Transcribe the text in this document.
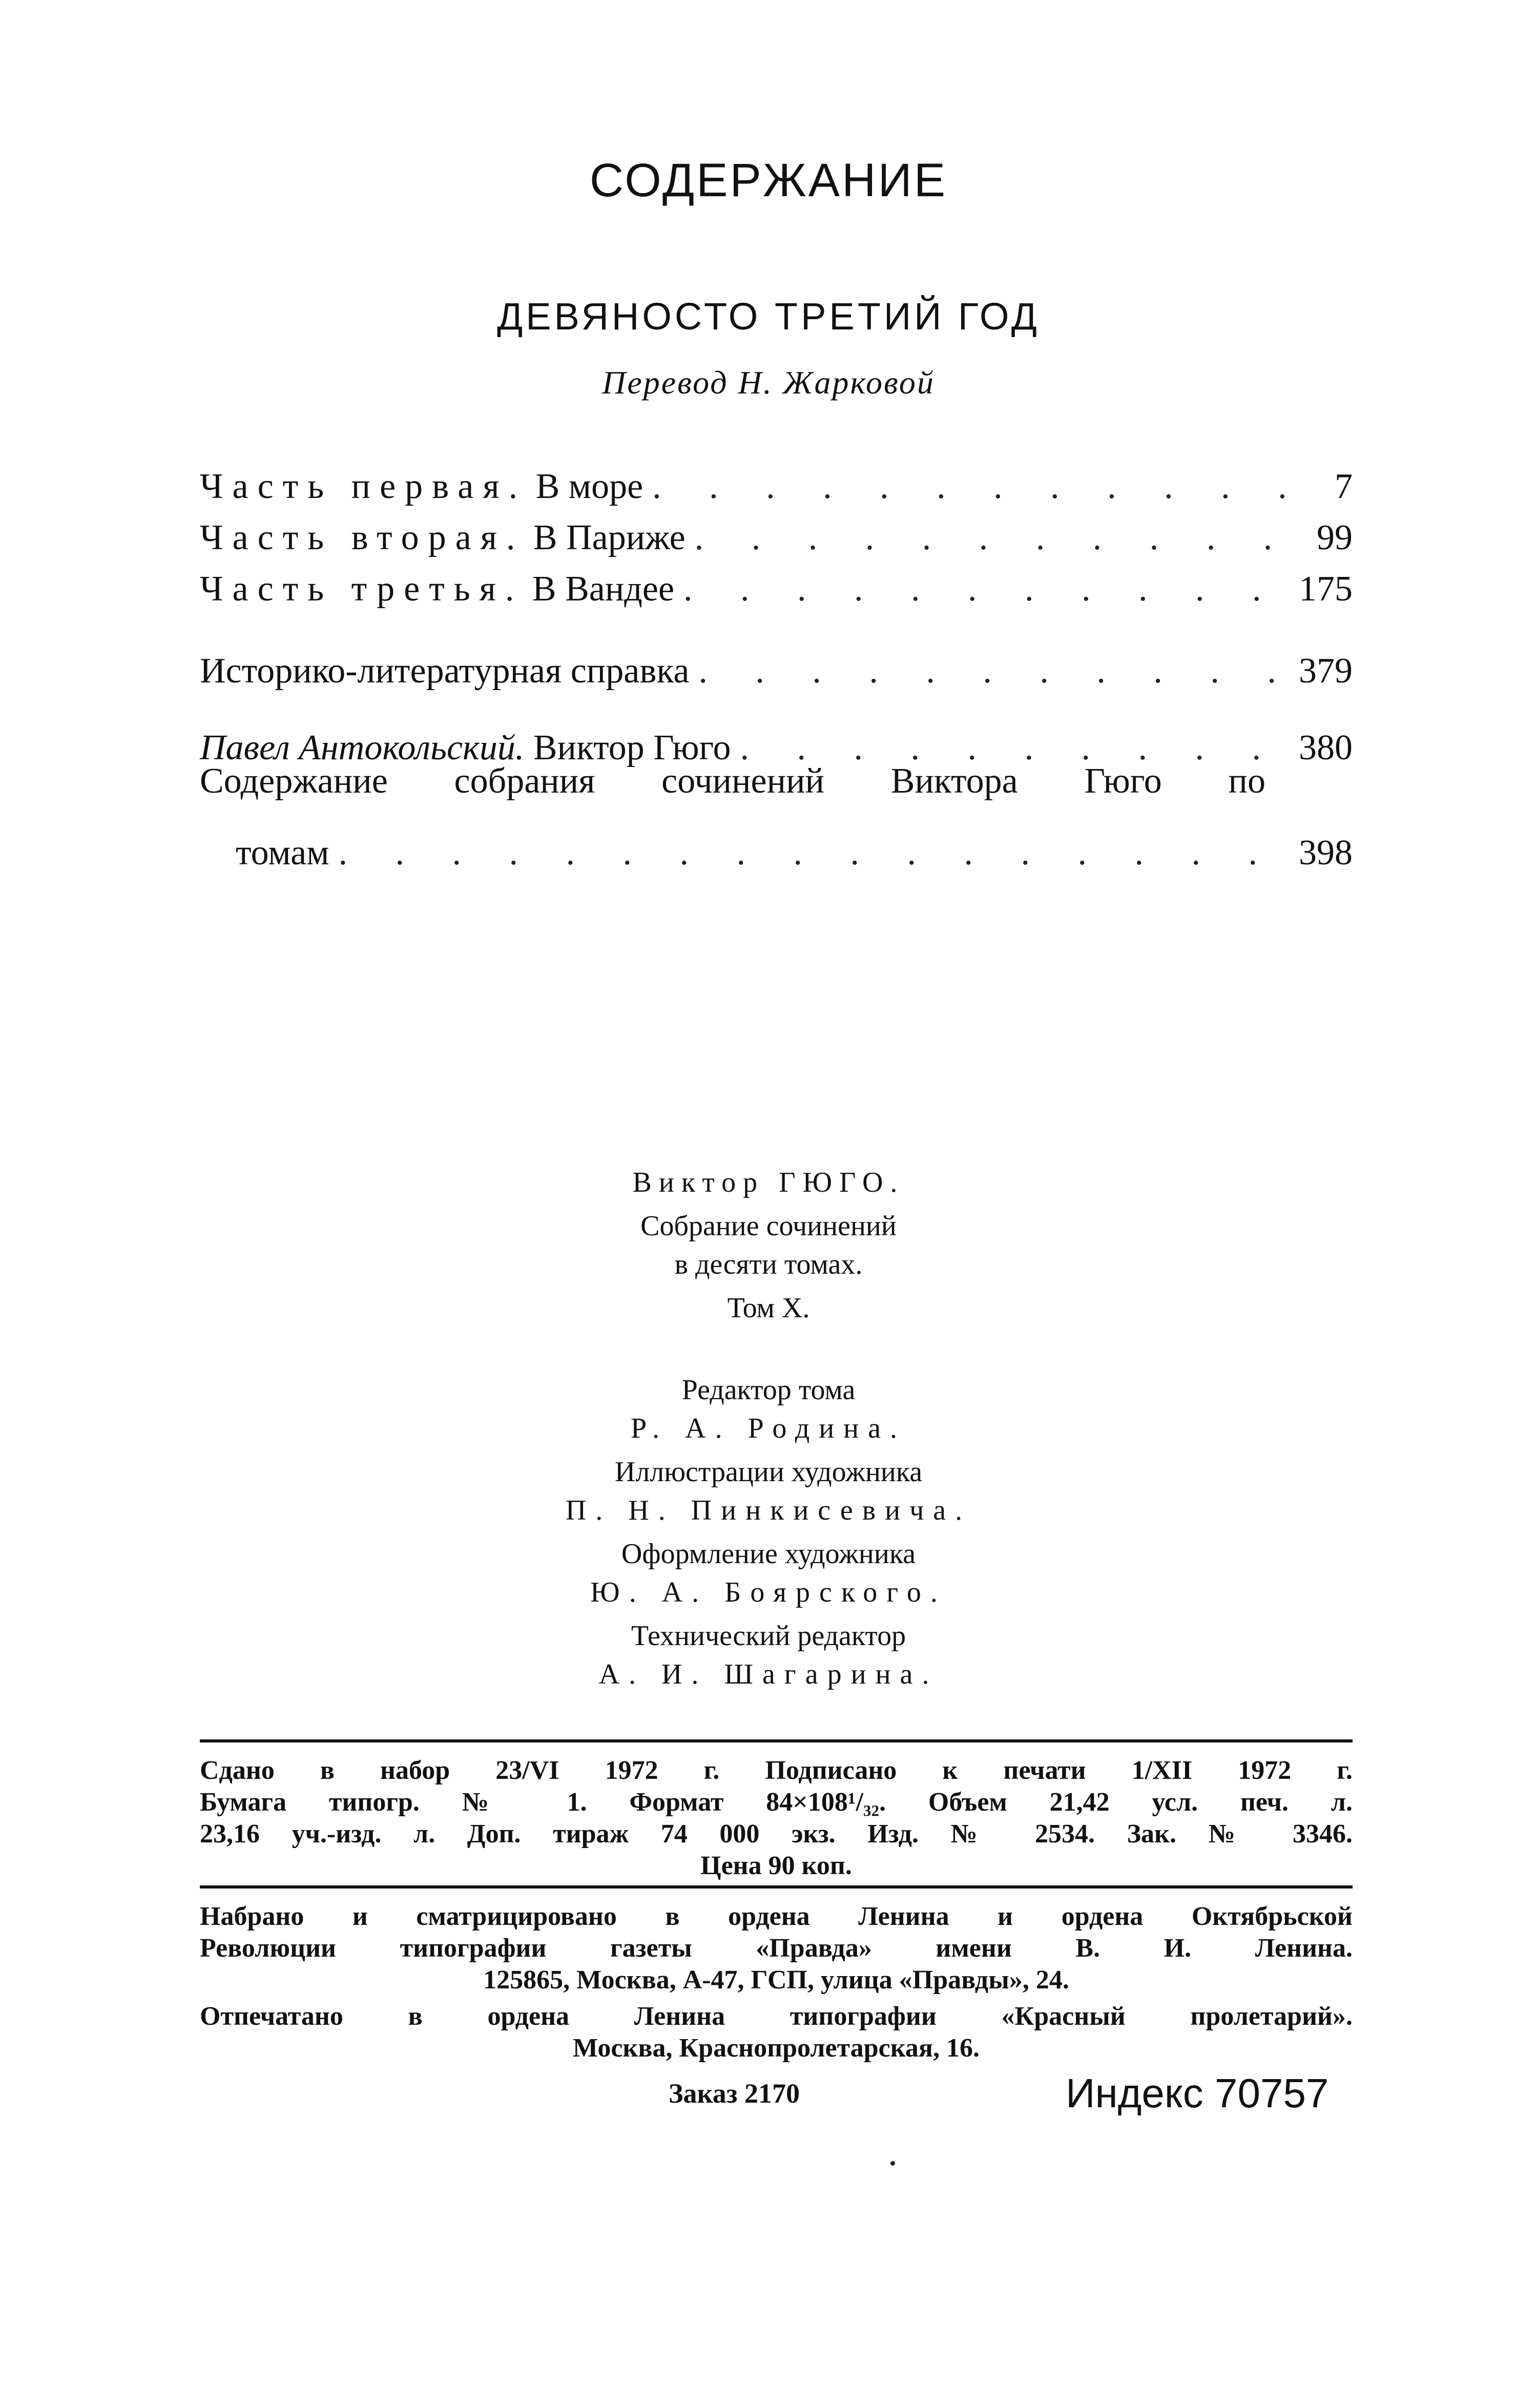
СОДЕРЖАНИЕ
ДЕВЯНОСТО ТРЕТИЙ ГОД
Перевод Н. Жарковой
Часть первая. В море . . .	7
Часть вторая. В Париже . . .	99
Часть третья. В Вандее . . .	175
Историко-литературная справка . . .	379
Павел Антокольский. Виктор Гюго . . .	380
Содержание собрания сочинений Виктора Гюго по
томам . . .	398
Виктор ГЮГО.
Собрание сочинений
в десяти томах.
Том X.
Редактор тома
Р. А. Родина.
Иллюстрации художника
П. Н. Пинкисевича.
Оформление художника
Ю. А. Боярского.
Технический редактор
А. И. Шагарина.
Сдано в набор 23/VI 1972 г. Подписано к печати 1/XII 1972 г.
Бумага типогр. № 1. Формат 84×108¹/₃₂. Объем 21,42 усл. печ. л.
23,16 уч.-изд. л. Доп. тираж 74 000 экз. Изд. № 2534. Зак. № 3346.
Цена 90 коп.
Набрано и сматрицировано в ордена Ленина и ордена Октябрьской
Революции типографии газеты «Правда» имени В. И. Ленина.
125865, Москва, А-47, ГСП, улица «Правды», 24.
Отпечатано в ордена Ленина типографии «Красный пролетарий».
Москва, Краснопролетарская, 16.
Заказ 2170	Индекс 70757
